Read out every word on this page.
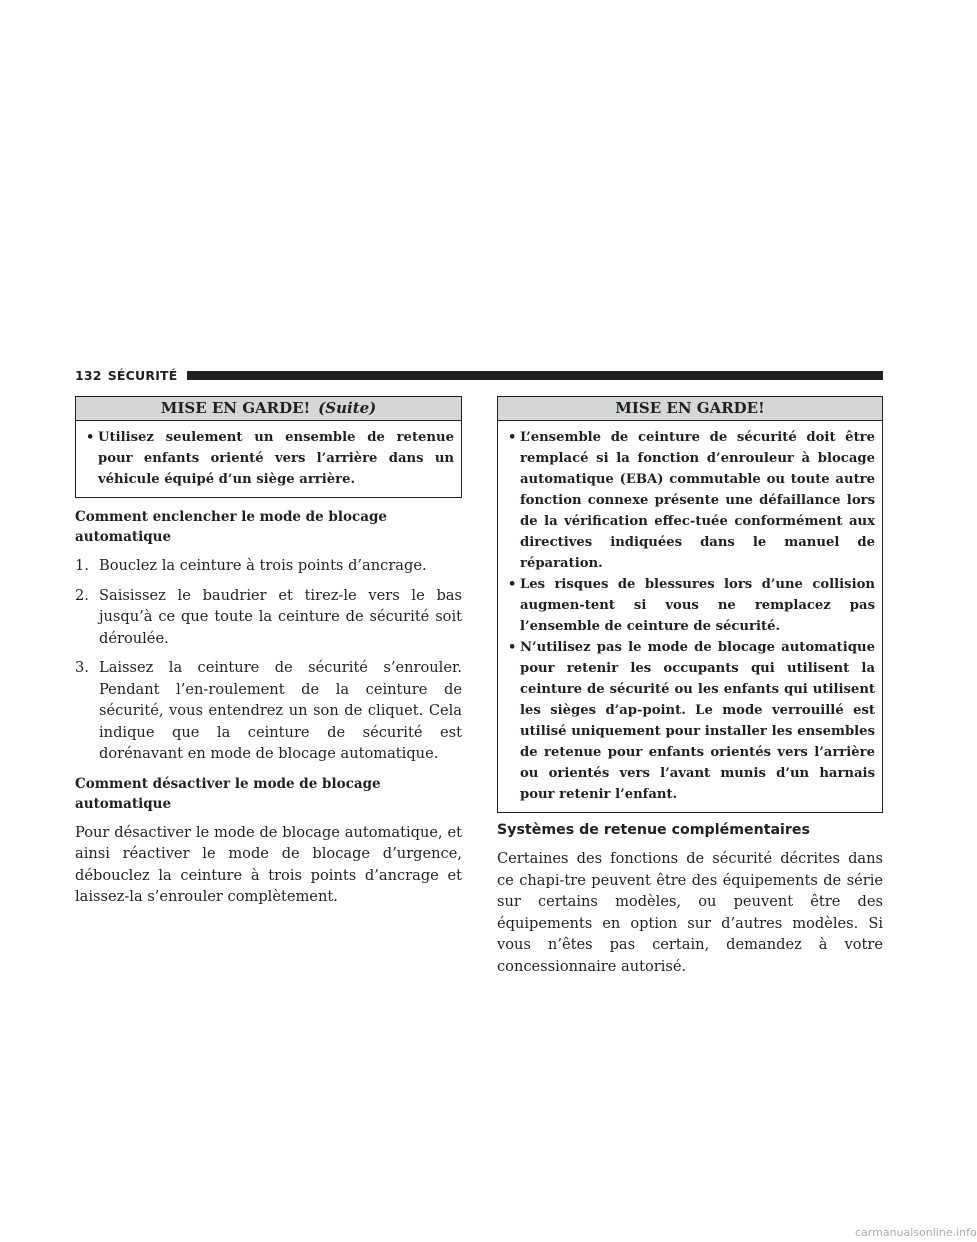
132 SÉCURITÉ
MISE EN GARDE! (Suite)
• Utilisez seulement un ensemble de retenue pour enfants orienté vers l’arrière dans un véhicule équipé d’un siège arrière.
Comment enclencher le mode de blocage automatique
1. Bouclez la ceinture à trois points d’ancrage.
2. Saisissez le baudrier et tirez-le vers le bas jusqu’à ce que toute la ceinture de sécurité soit déroulée.
3. Laissez la ceinture de sécurité s’enrouler. Pendant l’en-roulement de la ceinture de sécurité, vous entendrez un son de cliquet. Cela indique que la ceinture de sécurité est dorénavant en mode de blocage automatique.
Comment désactiver le mode de blocage automatique
Pour désactiver le mode de blocage automatique, et ainsi réactiver le mode de blocage d’urgence, débouclez la ceinture à trois points d’ancrage et laissez-la s’enrouler complètement.
MISE EN GARDE!
• L’ensemble de ceinture de sécurité doit être remplacé si la fonction d’enrouleur à blocage automatique (EBA) commutable ou toute autre fonction connexe présente une défaillance lors de la vérification effec-tuée conformément aux directives indiquées dans le manuel de réparation.
• Les risques de blessures lors d’une collision augmen-tent si vous ne remplacez pas l’ensemble de ceinture de sécurité.
• N’utilisez pas le mode de blocage automatique pour retenir les occupants qui utilisent la ceinture de sécurité ou les enfants qui utilisent les sièges d’ap-point. Le mode verrouillé est utilisé uniquement pour installer les ensembles de retenue pour enfants orientés vers l’arrière ou orientés vers l’avant munis d’un harnais pour retenir l’enfant.
Systèmes de retenue complémentaires
Certaines des fonctions de sécurité décrites dans ce chapi-tre peuvent être des équipements de série sur certains modèles, ou peuvent être des équipements en option sur d’autres modèles. Si vous n’êtes pas certain, demandez à votre concessionnaire autorisé.
carmanualsonline.info
